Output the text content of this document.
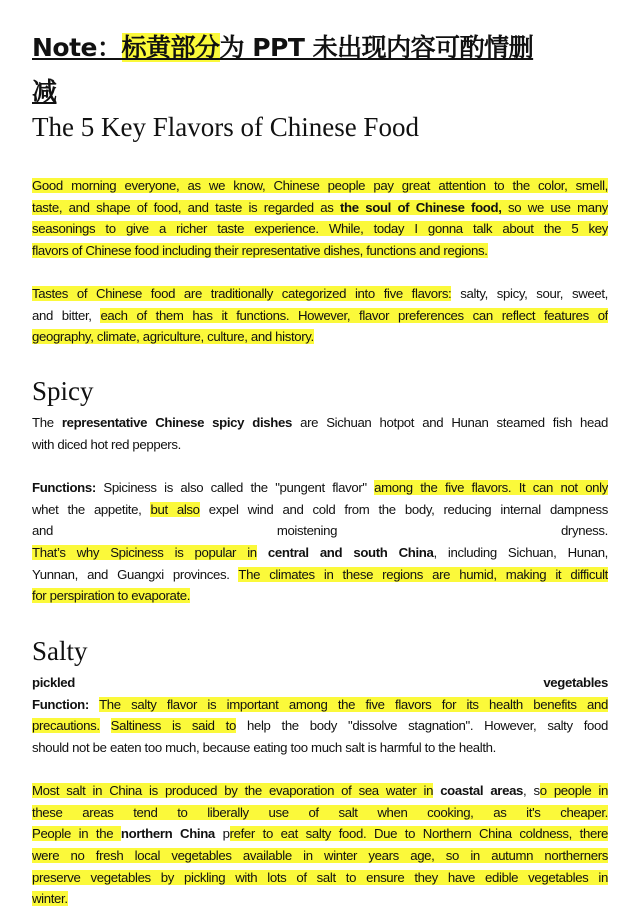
Note：标黄部分为 PPT 未出现内容可酌情删
减
The 5 Key Flavors of Chinese Food
Good morning everyone, as we know, Chinese people pay great attention to the color, smell,
taste, and shape of food, and taste is regarded as the soul of Chinese food, so we use many
seasonings to give a richer taste experience. While, today I gonna talk about the 5 key
flavors of Chinese food including their representative dishes, functions and regions.
Tastes of Chinese food are traditionally categorized into five flavors: salty, spicy, sour, sweet,
and bitter, each of them has it functions. However, flavor preferences can reflect features of
geography, climate, agriculture, culture, and history.
Spicy
The representative Chinese spicy dishes are Sichuan hotpot and Hunan steamed fish head
with diced hot red peppers.
Functions: Spiciness is also called the "pungent flavor" among the five flavors. It can not only
whet the appetite, but also expel wind and cold from the body, reducing internal dampness
and moistening dryness.
That’s why Spiciness is popular in central and south China, including Sichuan, Hunan,
Yunnan, and Guangxi provinces. The climates in these regions are humid, making it difficult
for perspiration to evaporate.
Salty
pickled vegetables
Function: The salty flavor is important among the five flavors for its health benefits and
precautions. Saltiness is said to help the body "dissolve stagnation". However, salty food
should not be eaten too much, because eating too much salt is harmful to the health.
Most salt in China is produced by the evaporation of sea water in coastal areas, so people in
these areas tend to liberally use of salt when cooking, as it's cheaper.
People in the northern China prefer to eat salty food. Due to Northern China coldness, there
were no fresh local vegetables available in winter years age, so in autumn northerners
preserve vegetables by pickling with lots of salt to ensure they have edible vegetables in
winter.
